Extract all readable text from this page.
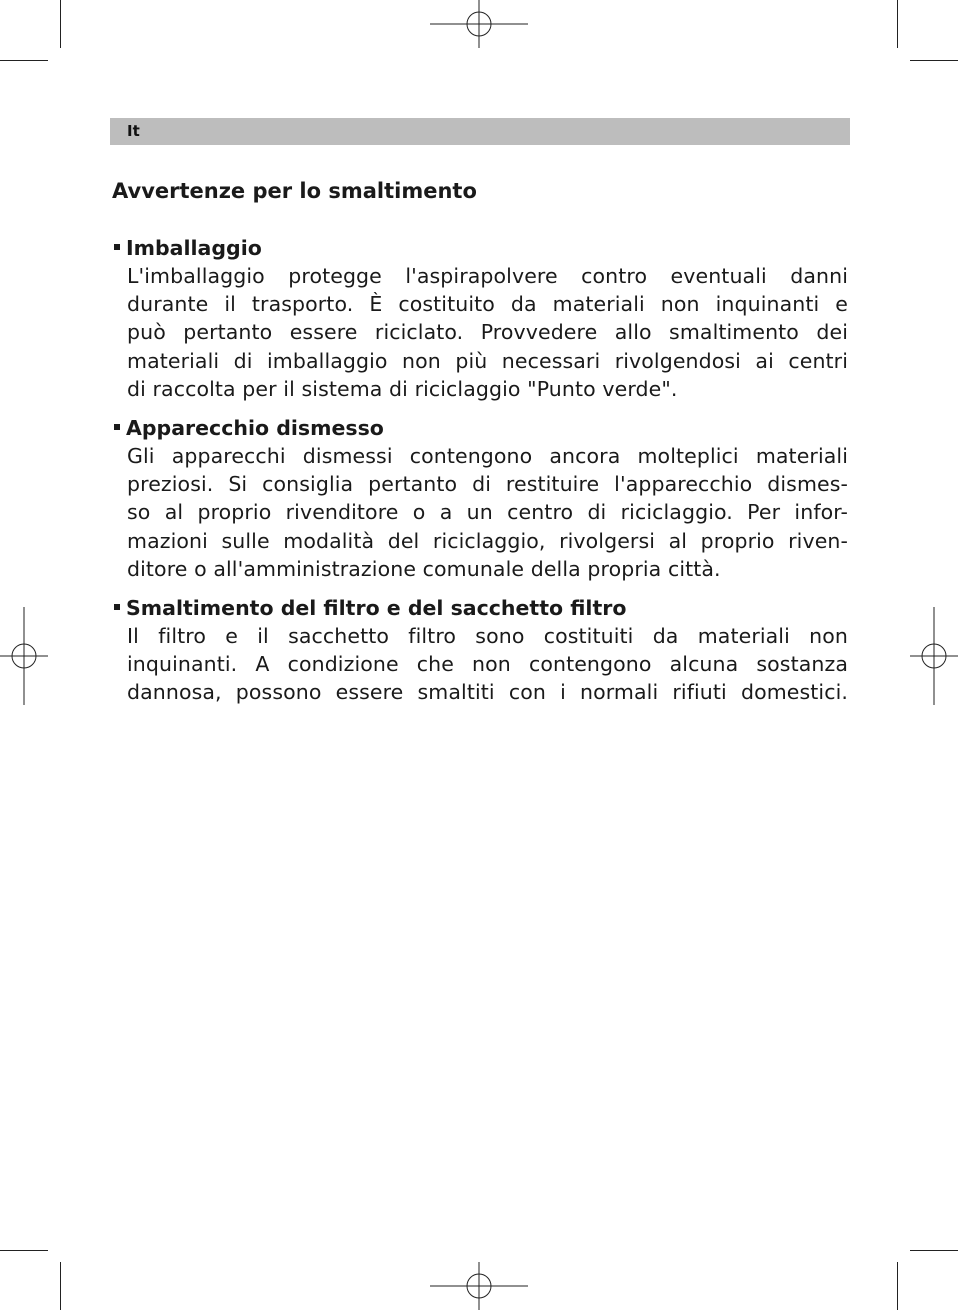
It
Avvertenze per lo smaltimento
Imballaggio
L'imballaggio protegge l'aspirapolvere contro eventuali danni
durante il trasporto. È costituito da materiali non inquinanti e
può pertanto essere riciclato. Provvedere allo smaltimento dei
materiali di imballaggio non più necessari rivolgendosi ai centri
di raccolta per il sistema di riciclaggio "Punto verde".
Apparecchio dismesso
Gli apparecchi dismessi contengono ancora molteplici materiali
preziosi. Si consiglia pertanto di restituire l'apparecchio dismes-
so al proprio rivenditore o a un centro di riciclaggio. Per infor-
mazioni sulle modalità del riciclaggio, rivolgersi al proprio riven-
ditore o all'amministrazione comunale della propria città.
Smaltimento del filtro e del sacchetto filtro
Il filtro e il sacchetto filtro sono costituiti da materiali non
inquinanti. A condizione che non contengono alcuna sostanza
dannosa, possono essere smaltiti con i normali rifiuti domestici.
